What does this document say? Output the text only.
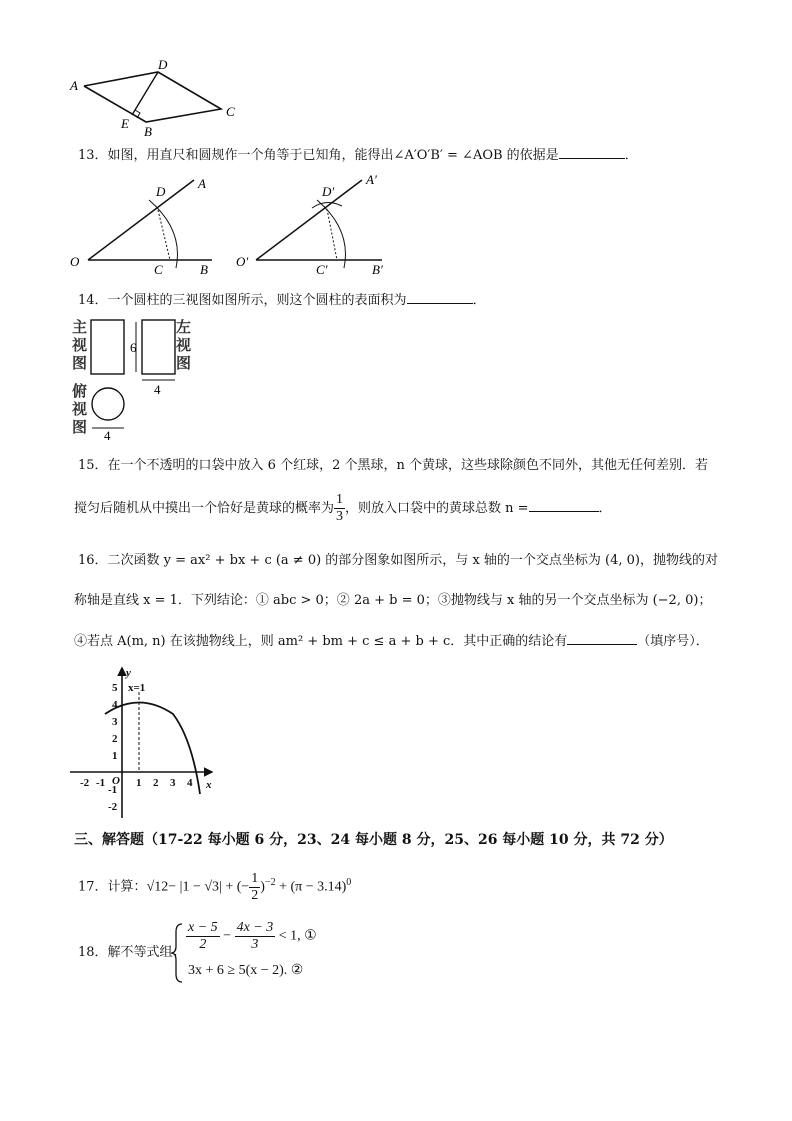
A
D
C
E
B
13．如图，用直尺和圆规作一个角等于已知角，能得出∠A′O′B′ = ∠AOB 的依据是	．
O
D
A
C	B
O′
D′
A′
C′	B′
14．一个圆柱的三视图如图所示，则这个圆柱的表面积为	．
主
视
图
左
视
图
俯
视
图
6
4
4
15．在一个不透明的口袋中放入 6 个红球，2 个黑球，n 个黄球，这些球除颜色不同外，其他无任何差别．若
搅匀后随机从中摸出一个恰好是黄球的概率为 $\frac{1}{3}$ ，则放入口袋中的黄球总数 n =	．
16．二次函数 y = ax² + bx + c (a ≠ 0) 的部分图象如图所示，与 x 轴的一个交点坐标为 (4, 0)，抛物线的对
称轴是直线 x = 1．下列结论：① abc > 0；② 2a + b = 0；③抛物线与 x 轴的另一个交点坐标为 (−2, 0)；
④若点 A(m, n) 在该抛物线上，则 am² + bm + c ≤ a + b + c．其中正确的结论有	（填序号）．
y
x
x=1
5
4
3
2
1
-1
-2
-2 -1 O 1 2 3 4
三、解答题（17-22 每小题 6 分，23、24 每小题 8 分，25、26 每小题 10 分，共 72 分）
17．计算：√12− |1 − √3| + (− $\frac{1}{2} )^{-2} + (\pi - 3.14)^0$
18．解不等式组： $\frac{x - 5}{2} - \frac{4x - 3}{3} < 1$, ①
3x + 6 ≥ 5(x − 2). ②
